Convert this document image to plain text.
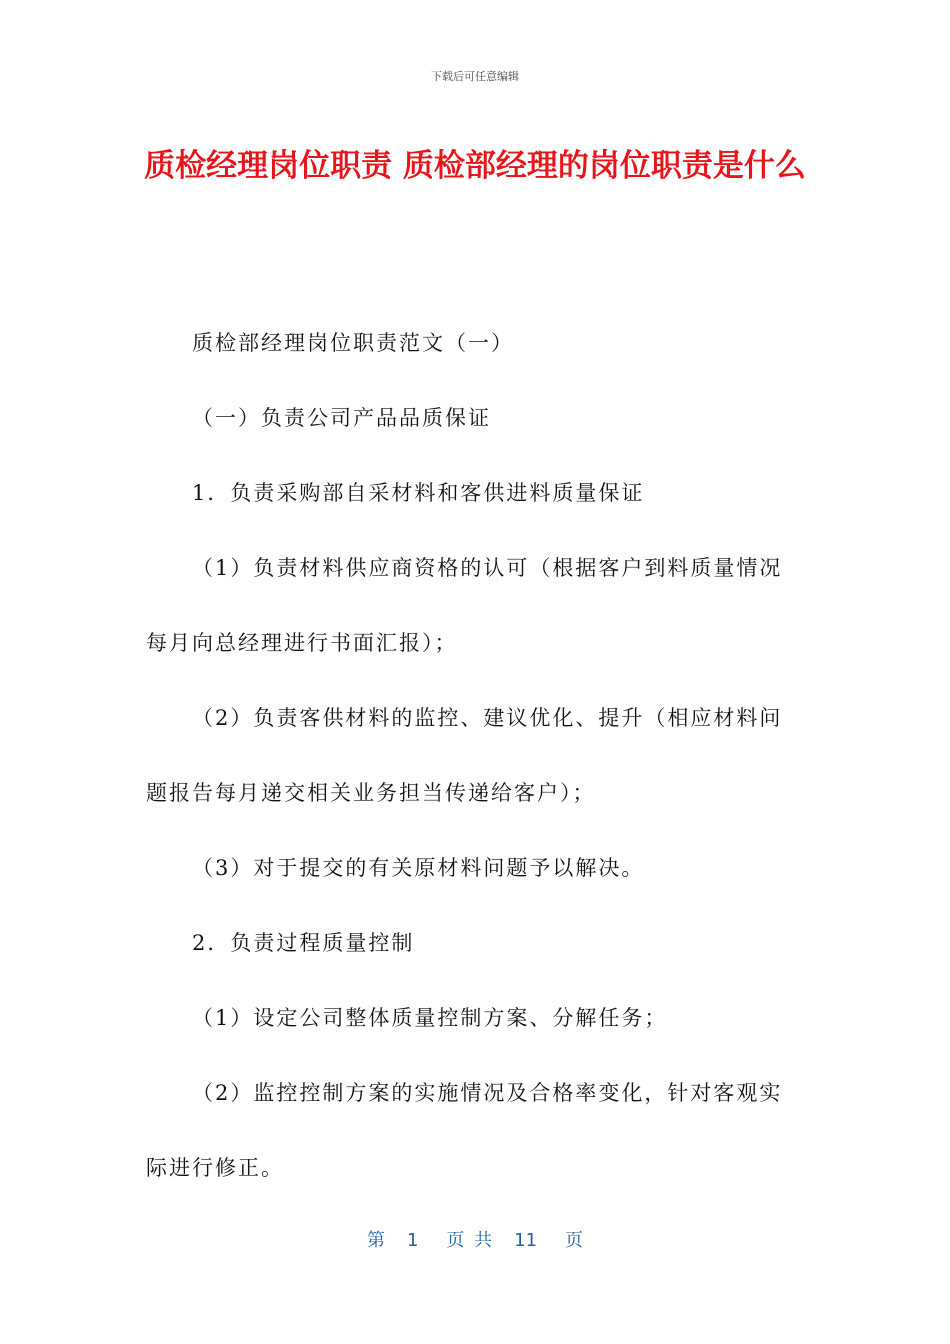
下载后可任意编辑
质检经理岗位职责 质检部经理的岗位职责是什么
质检部经理岗位职责范文（一）
（一）负责公司产品品质保证
1．负责采购部自采材料和客供进料质量保证
（1）负责材料供应商资格的认可（根据客户到料质量情况每月向总经理进行书面汇报）；
（2）负责客供材料的监控、建议优化、提升（相应材料问题报告每月递交相关业务担当传递给客户）；
（3）对于提交的有关原材料问题予以解决。
2．负责过程质量控制
（1）设定公司整体质量控制方案、分解任务；
（2）监控控制方案的实施情况及合格率变化，针对客观实际进行修正。
第 1 页 共 11 页
